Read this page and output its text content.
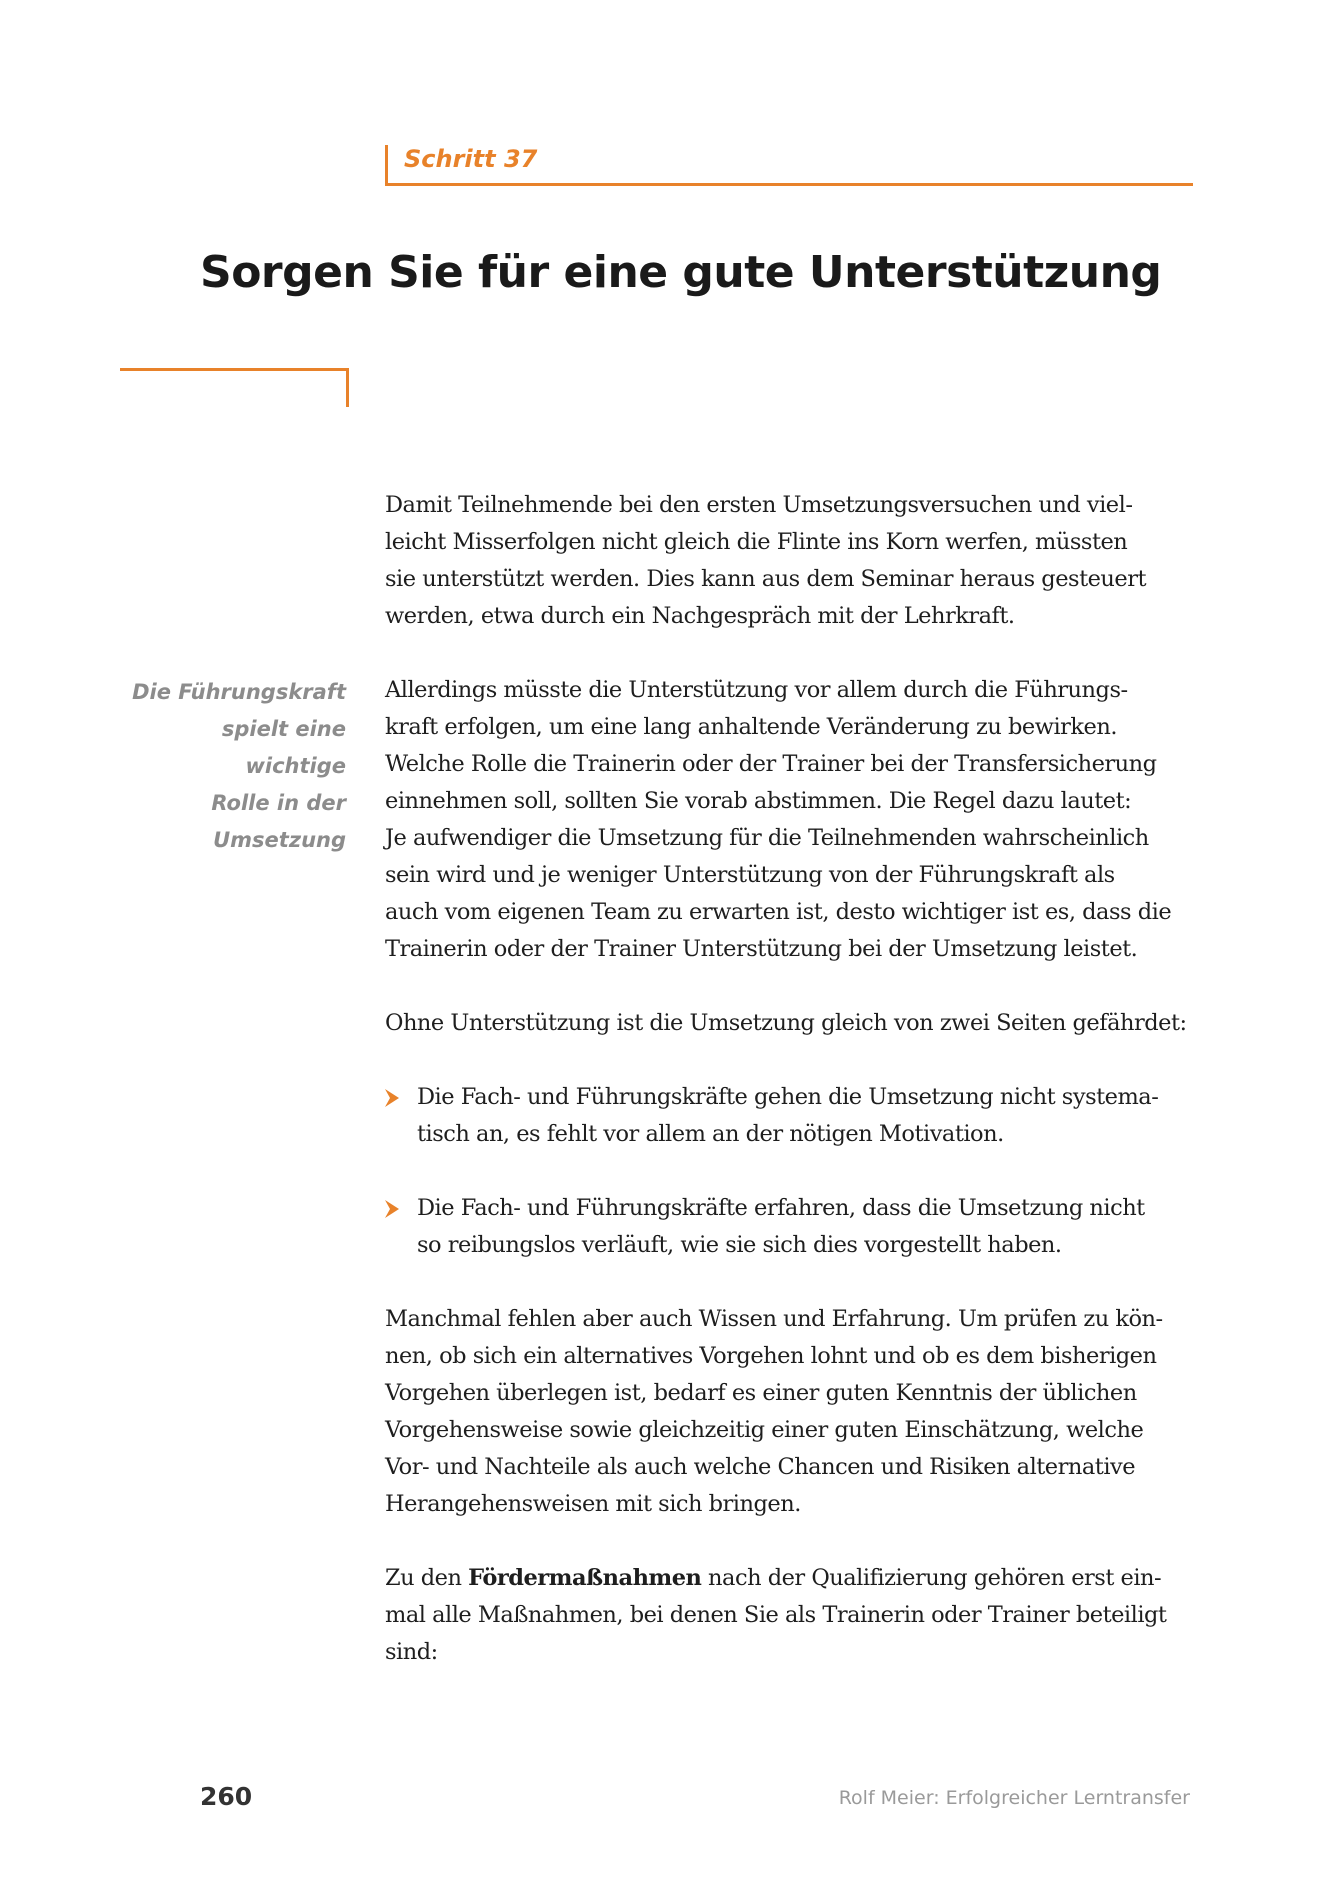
Schritt 37
Sorgen Sie für eine gute Unterstützung
Die Führungskraft
spielt eine wichtige
Rolle in der
Umsetzung

Damit Teilnehmende bei den ersten Umsetzungsversuchen und viel-
leicht Misserfolgen nicht gleich die Flinte ins Korn werfen, müssten
sie unterstützt werden. Dies kann aus dem Seminar heraus gesteuert
werden, etwa durch ein Nachgespräch mit der Lehrkraft.

Allerdings müsste die Unterstützung vor allem durch die Führungs-
kraft erfolgen, um eine lang anhaltende Veränderung zu bewirken.
Welche Rolle die Trainerin oder der Trainer bei der Transfersicherung
einnehmen soll, sollten Sie vorab abstimmen. Die Regel dazu lautet:
Je aufwendiger die Umsetzung für die Teilnehmenden wahrscheinlich
sein wird und je weniger Unterstützung von der Führungskraft als
auch vom eigenen Team zu erwarten ist, desto wichtiger ist es, dass die
Trainerin oder der Trainer Unterstützung bei der Umsetzung leistet.

Ohne Unterstützung ist die Umsetzung gleich von zwei Seiten gefährdet:

Die Fach- und Führungskräfte gehen die Umsetzung nicht systema-
tisch an, es fehlt vor allem an der nötigen Motivation.
Die Fach- und Führungskräfte erfahren, dass die Umsetzung nicht
so reibungslos verläuft, wie sie sich dies vorgestellt haben.

Manchmal fehlen aber auch Wissen und Erfahrung. Um prüfen zu kön-
nen, ob sich ein alternatives Vorgehen lohnt und ob es dem bisherigen
Vorgehen überlegen ist, bedarf es einer guten Kenntnis der üblichen
Vorgehensweise sowie gleichzeitig einer guten Einschätzung, welche
Vor- und Nachteile als auch welche Chancen und Risiken alternative
Herangehensweisen mit sich bringen.

Zu den Fördermaßnahmen nach der Qualifizierung gehören erst ein-
mal alle Maßnahmen, bei denen Sie als Trainerin oder Trainer beteiligt
sind:

260	Rolf Meier: Erfolgreicher Lerntransfer
